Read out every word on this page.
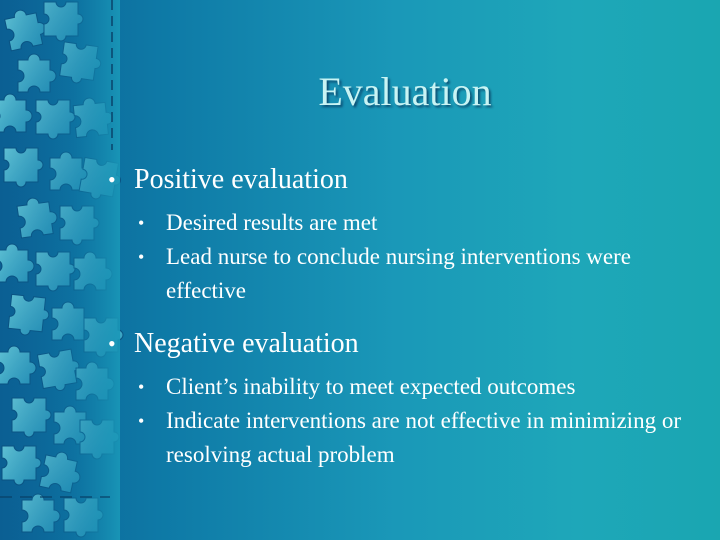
Evaluation
• Positive evaluation
• Desired results are met
• Lead nurse to conclude nursing interventions were effective
• Negative evaluation
• Client’s inability to meet expected outcomes
• Indicate interventions are not effective in minimizing or resolving actual problem
